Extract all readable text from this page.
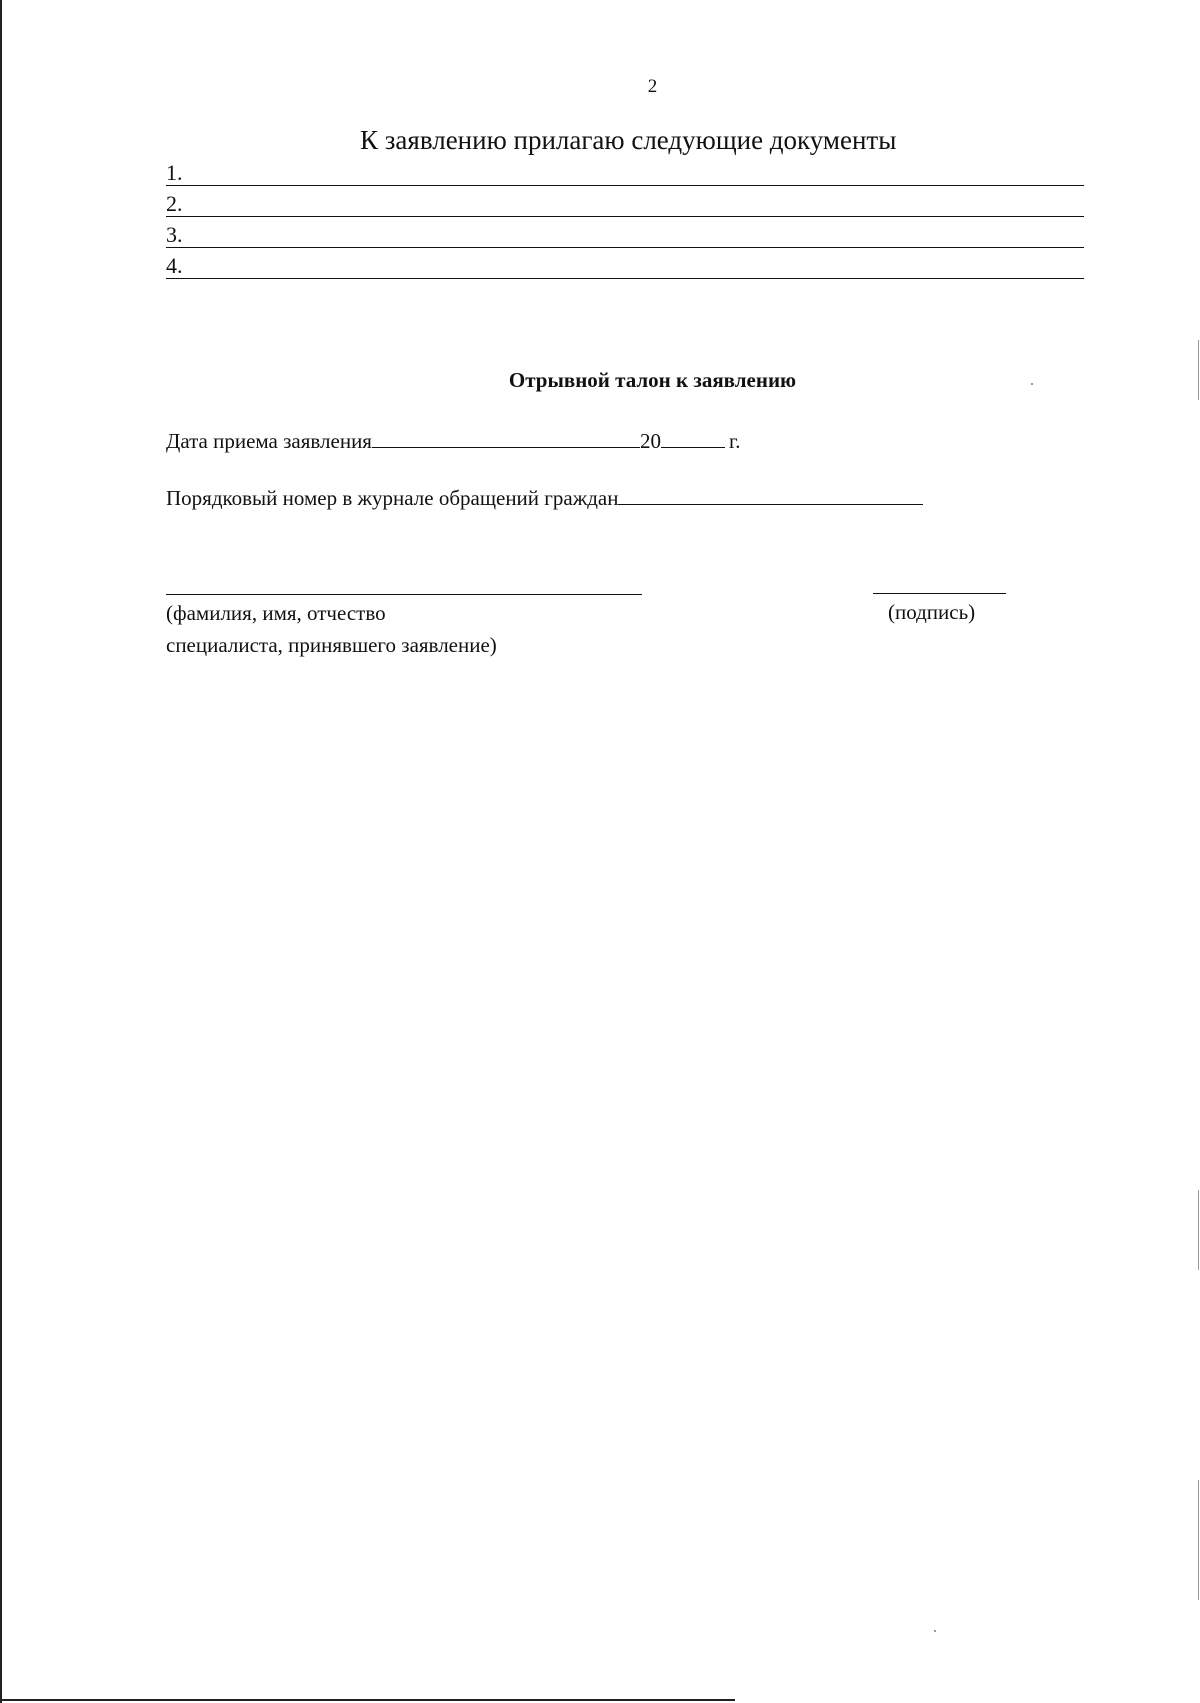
2
К заявлению прилагаю следующие документы
1.
2.
3.
4.
Отрывной талон к заявлению
Дата приема заявления	20	г.
Порядковый номер в журнале обращений граждан
(фамилия, имя, отчество
специалиста, принявшего заявление)
(подпись)
